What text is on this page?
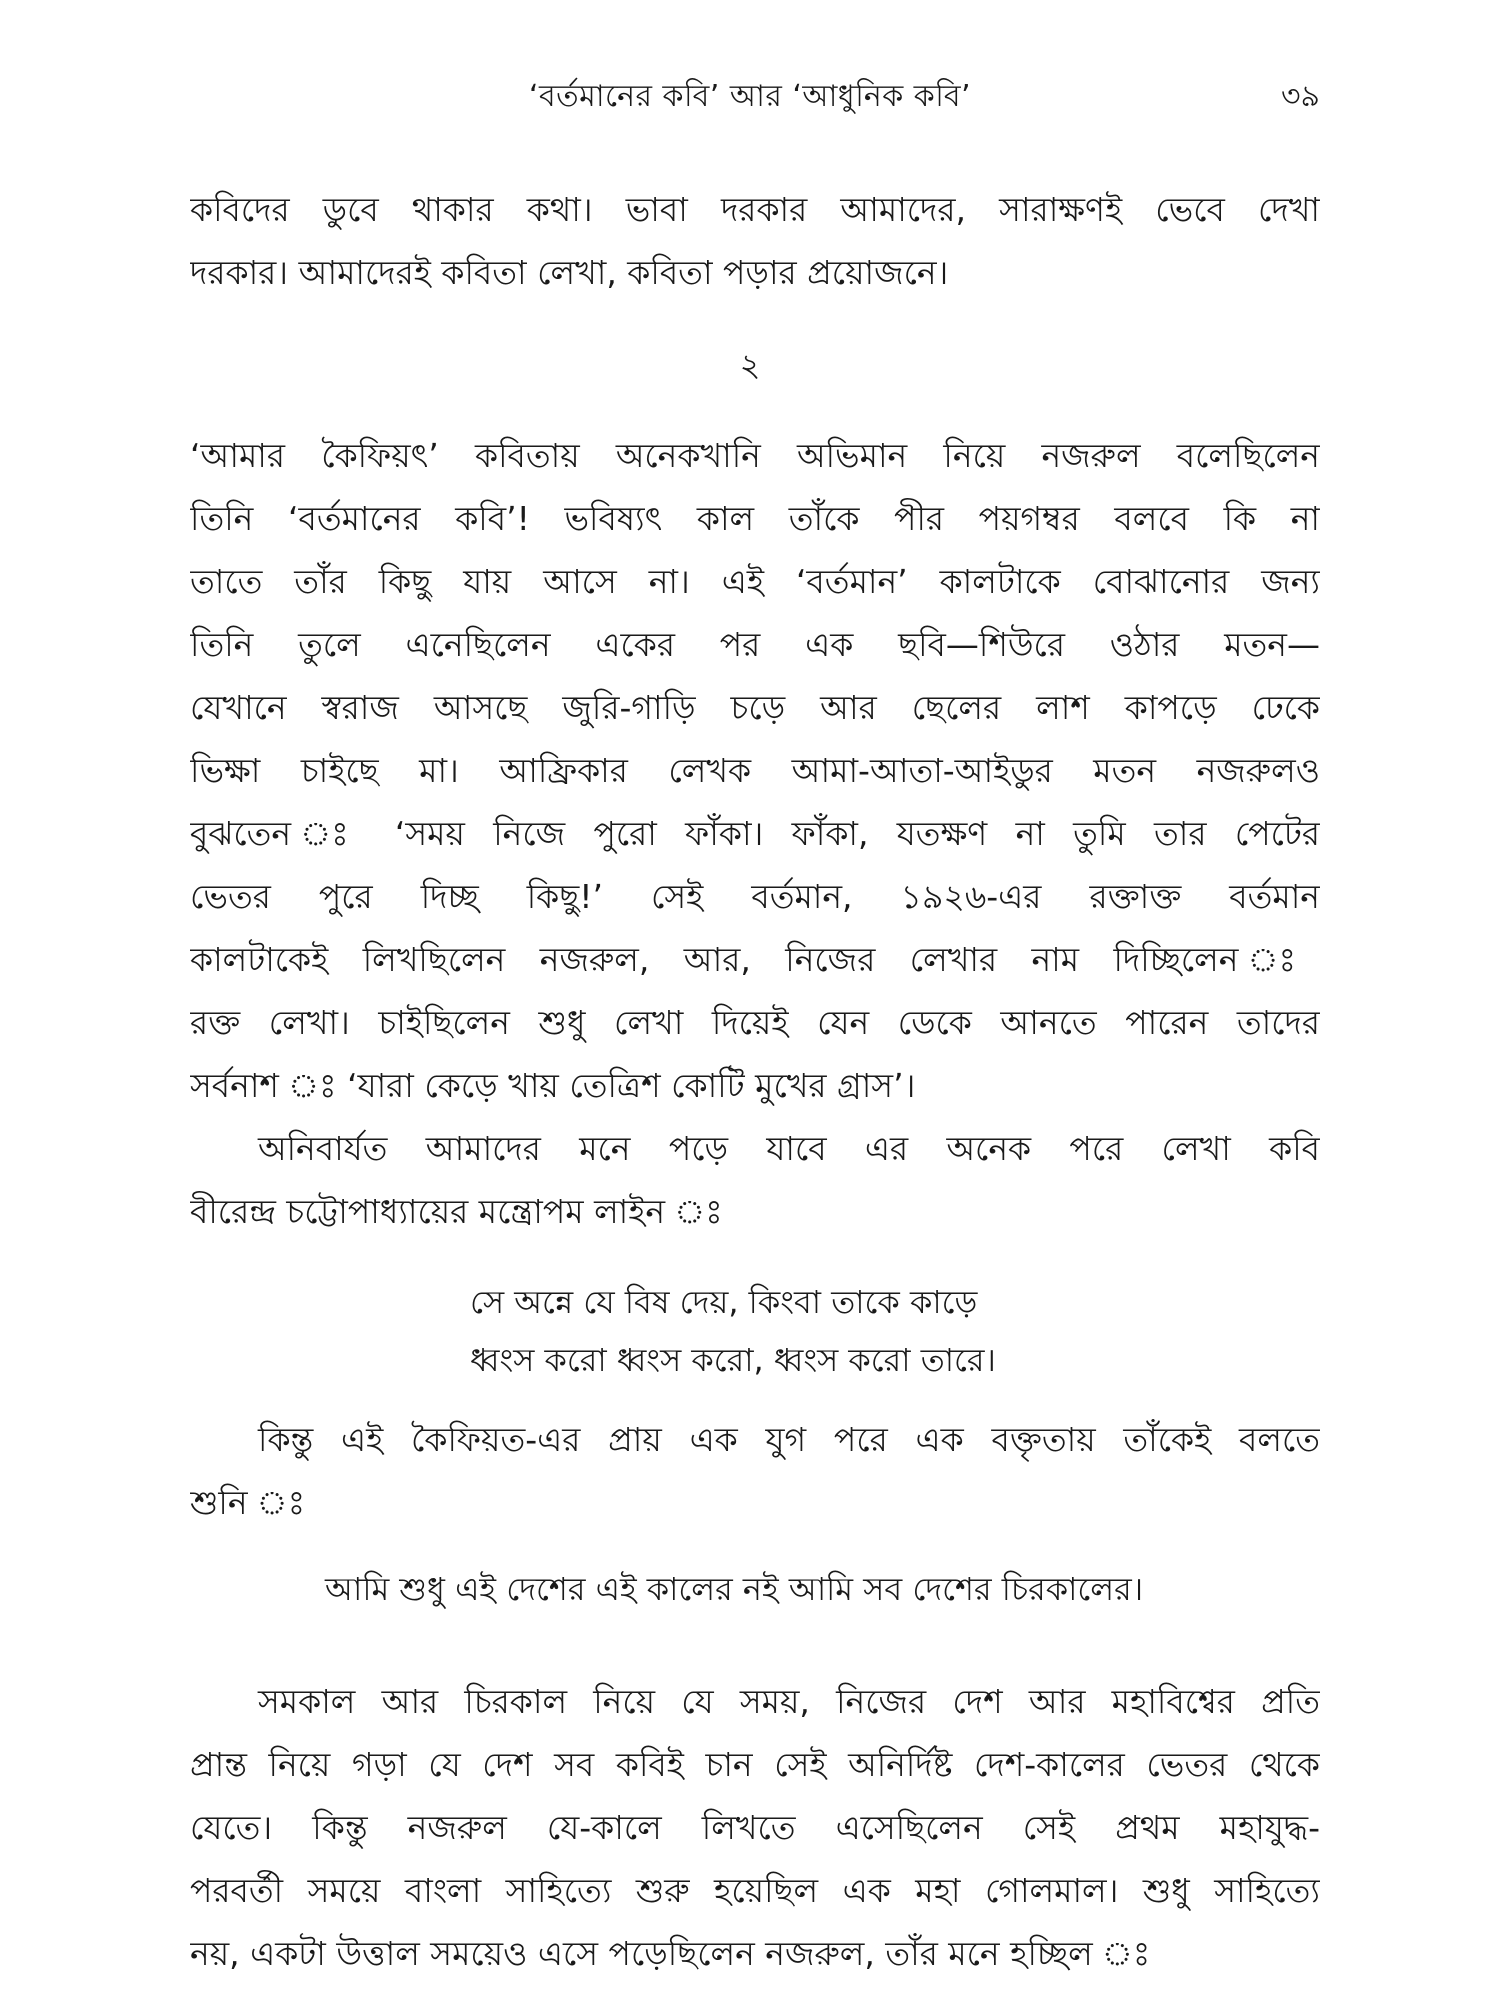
‘বর্তমানের কবি’ আর ‘আধুনিক কবি’	৩৯
কবিদের ডুবে থাকার কথা। ভাবা দরকার আমাদের, সারাক্ষণই ভেবে দেখা
দরকার। আমাদেরই কবিতা লেখা, কবিতা পড়ার প্রয়োজনে।
২
‘আমার কৈফিয়ৎ’ কবিতায় অনেকখানি অভিমান নিয়ে নজরুল বলেছিলেন
তিনি ‘বর্তমানের কবি’! ভবিষ্যৎ কাল তাঁকে পীর পয়গম্বর বলবে কি না
তাতে তাঁর কিছু যায় আসে না। এই ‘বর্তমান’ কালটাকে বোঝানোর জন্য
তিনি তুলে এনেছিলেন একের পর এক ছবি—শিউরে ওঠার মতন—
যেখানে স্বরাজ আসছে জুরি-গাড়ি চড়ে আর ছেলের লাশ কাপড়ে ঢেকে
ভিক্ষা চাইছে মা। আফ্রিকার লেখক আমা-আতা-আইডুর মতন নজরুলও
বুঝতেন ঃ ‘সময় নিজে পুরো ফাঁকা। ফাঁকা, যতক্ষণ না তুমি তার পেটের
ভেতর পুরে দিচ্ছ কিছু!’ সেই বর্তমান, ১৯২৬-এর রক্তাক্ত বর্তমান
কালটাকেই লিখছিলেন নজরুল, আর, নিজের লেখার নাম দিচ্ছিলেন ঃ
রক্ত লেখা। চাইছিলেন শুধু লেখা দিয়েই যেন ডেকে আনতে পারেন তাদের
সর্বনাশ ঃ ‘যারা কেড়ে খায় তেত্রিশ কোটি মুখের গ্রাস’।
অনিবার্যত আমাদের মনে পড়ে যাবে এর অনেক পরে লেখা কবি
বীরেন্দ্র চট্টোপাধ্যায়ের মন্ত্রোপম লাইন ঃ
সে অন্নে যে বিষ দেয়, কিংবা তাকে কাড়ে
ধ্বংস করো ধ্বংস করো, ধ্বংস করো তারে।
কিন্তু এই কৈফিয়ত-এর প্রায় এক যুগ পরে এক বক্তৃতায় তাঁকেই বলতে
শুনি ঃ
আমি শুধু এই দেশের এই কালের নই আমি সব দেশের চিরকালের।
সমকাল আর চিরকাল নিয়ে যে সময়, নিজের দেশ আর মহাবিশ্বের প্রতি
প্রান্ত নিয়ে গড়া যে দেশ সব কবিই চান সেই অনির্দিষ্ট দেশ-কালের ভেতর থেকে
যেতে। কিন্তু নজরুল যে-কালে লিখতে এসেছিলেন সেই প্রথম মহাযুদ্ধ-
পরবর্তী সময়ে বাংলা সাহিত্যে শুরু হয়েছিল এক মহা গোলমাল। শুধু সাহিত্যে
নয়, একটা উত্তাল সময়েও এসে পড়েছিলেন নজরুল, তাঁর মনে হচ্ছিল ঃ
